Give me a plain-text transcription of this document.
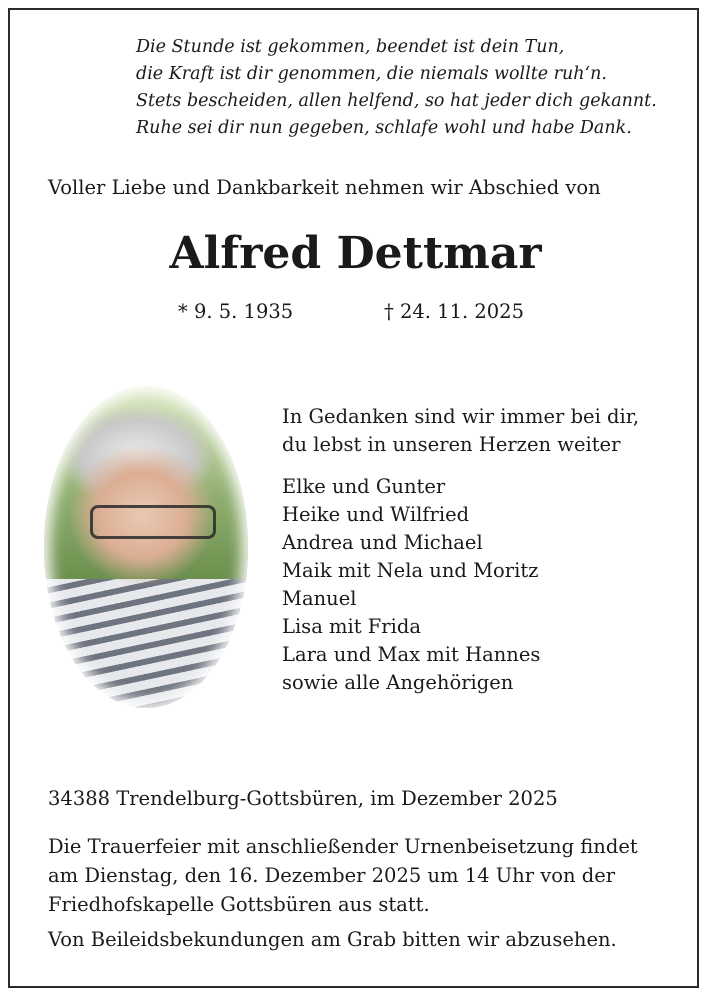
Die Stunde ist gekommen, beendet ist dein Tun,
die Kraft ist dir genommen, die niemals wollte ruh‘n.
Stets bescheiden, allen helfend, so hat jeder dich gekannt.
Ruhe sei dir nun gegeben, schlafe wohl und habe Dank.
Voller Liebe und Dankbarkeit nehmen wir Abschied von
Alfred Dettmar
* 9. 5. 1935	† 24. 11. 2025
In Gedanken sind wir immer bei dir,
du lebst in unseren Herzen weiter
Elke und Gunter
Heike und Wilfried
Andrea und Michael
Maik mit Nela und Moritz
Manuel
Lisa mit Frida
Lara und Max mit Hannes
sowie alle Angehörigen
34388 Trendelburg-Gottsbüren, im Dezember 2025
Die Trauerfeier mit anschließender Urnenbeisetzung findet
am Dienstag, den 16. Dezember 2025 um 14 Uhr von der
Friedhofskapelle Gottsbüren aus statt.
Von Beileidsbekundungen am Grab bitten wir abzusehen.
